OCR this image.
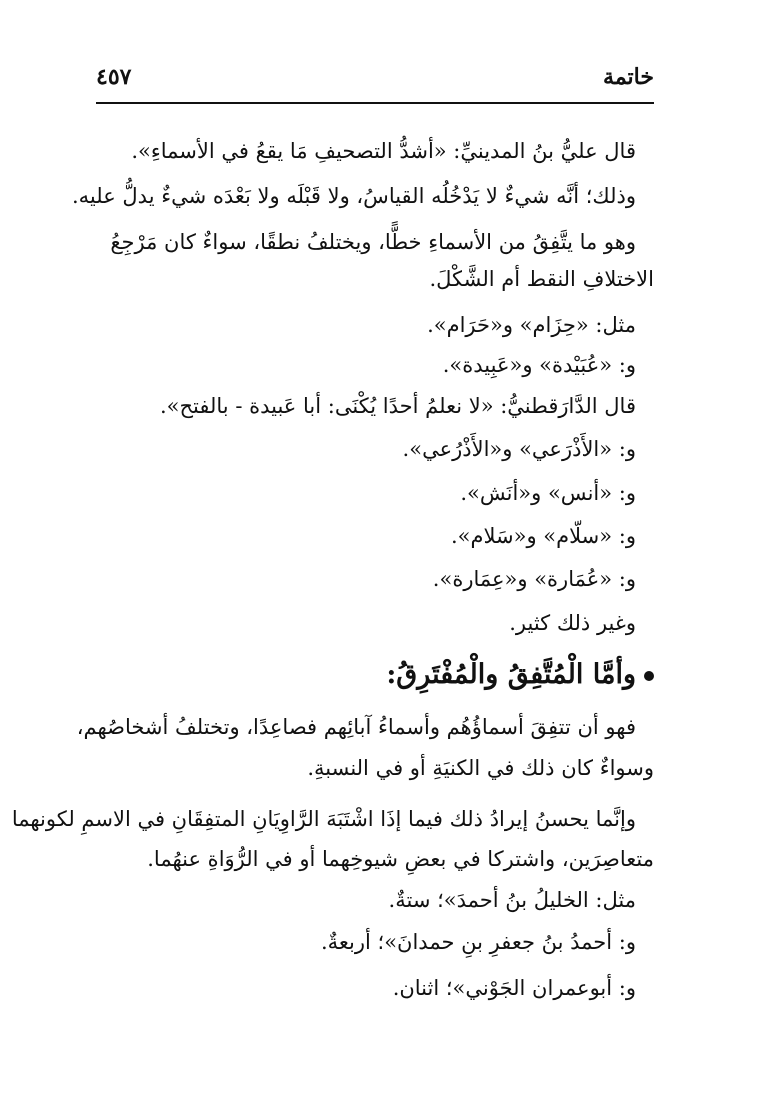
خاتمة
٤٥٧
قال عليُّ بنُ المدينيِّ: «أشدُّ التصحيفِ مَا يقعُ في الأسماءِ».
وذلك؛ أنَّه شيءٌ لا يَدْخُلُه القياسُ، ولا قَبْلَه ولا بَعْدَه شيءٌ يدلُّ عليه.
وهو ما يتَّفِقُ من الأسماءِ خطًّا، ويختلفُ نطقًا، سواءٌ كان مَرْجِعُ
الاختلافِ النقط أم الشَّكْلَ.
مثل: «حِزَام» و«حَرَام».
و: «عُبَيْدة» و«عَبِيدة».
قال الدَّارَقطنيُّ: «لا نعلمُ أحدًا يُكْنَى: أبا عَبيدة - بالفتح».
و: «الأَذْرَعي» و«الأَذْرُعي».
و: «أنس» و«أنَش».
و: «سلّام» و«سَلام».
و: «عُمَارة» و«عِمَارة».
وغير ذلك كثير.
وأمَّا الْمُتَّفِقُ والْمُفْتَرِقُ:
فهو أن تتفِقَ أسماؤُهُم وأسماءُ آبائِهم فصاعِدًا، وتختلفُ أشخاصُهم،
وسواءٌ كان ذلك في الكنيَةِ أو في النسبةِ.
وإنَّما يحسنُ إيرادُ ذلك فيما إذَا اشْتَبَهَ الرَّاوِيَانِ المتفِقَانِ في الاسمِ لكونهما
متعاصِرَين، واشتركا في بعضِ شيوخِهما أو في الرُّوَاةِ عنهُما.
مثل: الخليلُ بنُ أحمدَ»؛ ستةٌ.
و: أحمدُ بنُ جعفرِ بنِ حمدانَ»؛ أربعةٌ.
و: أبوعمران الجَوْني»؛ اثنان.
